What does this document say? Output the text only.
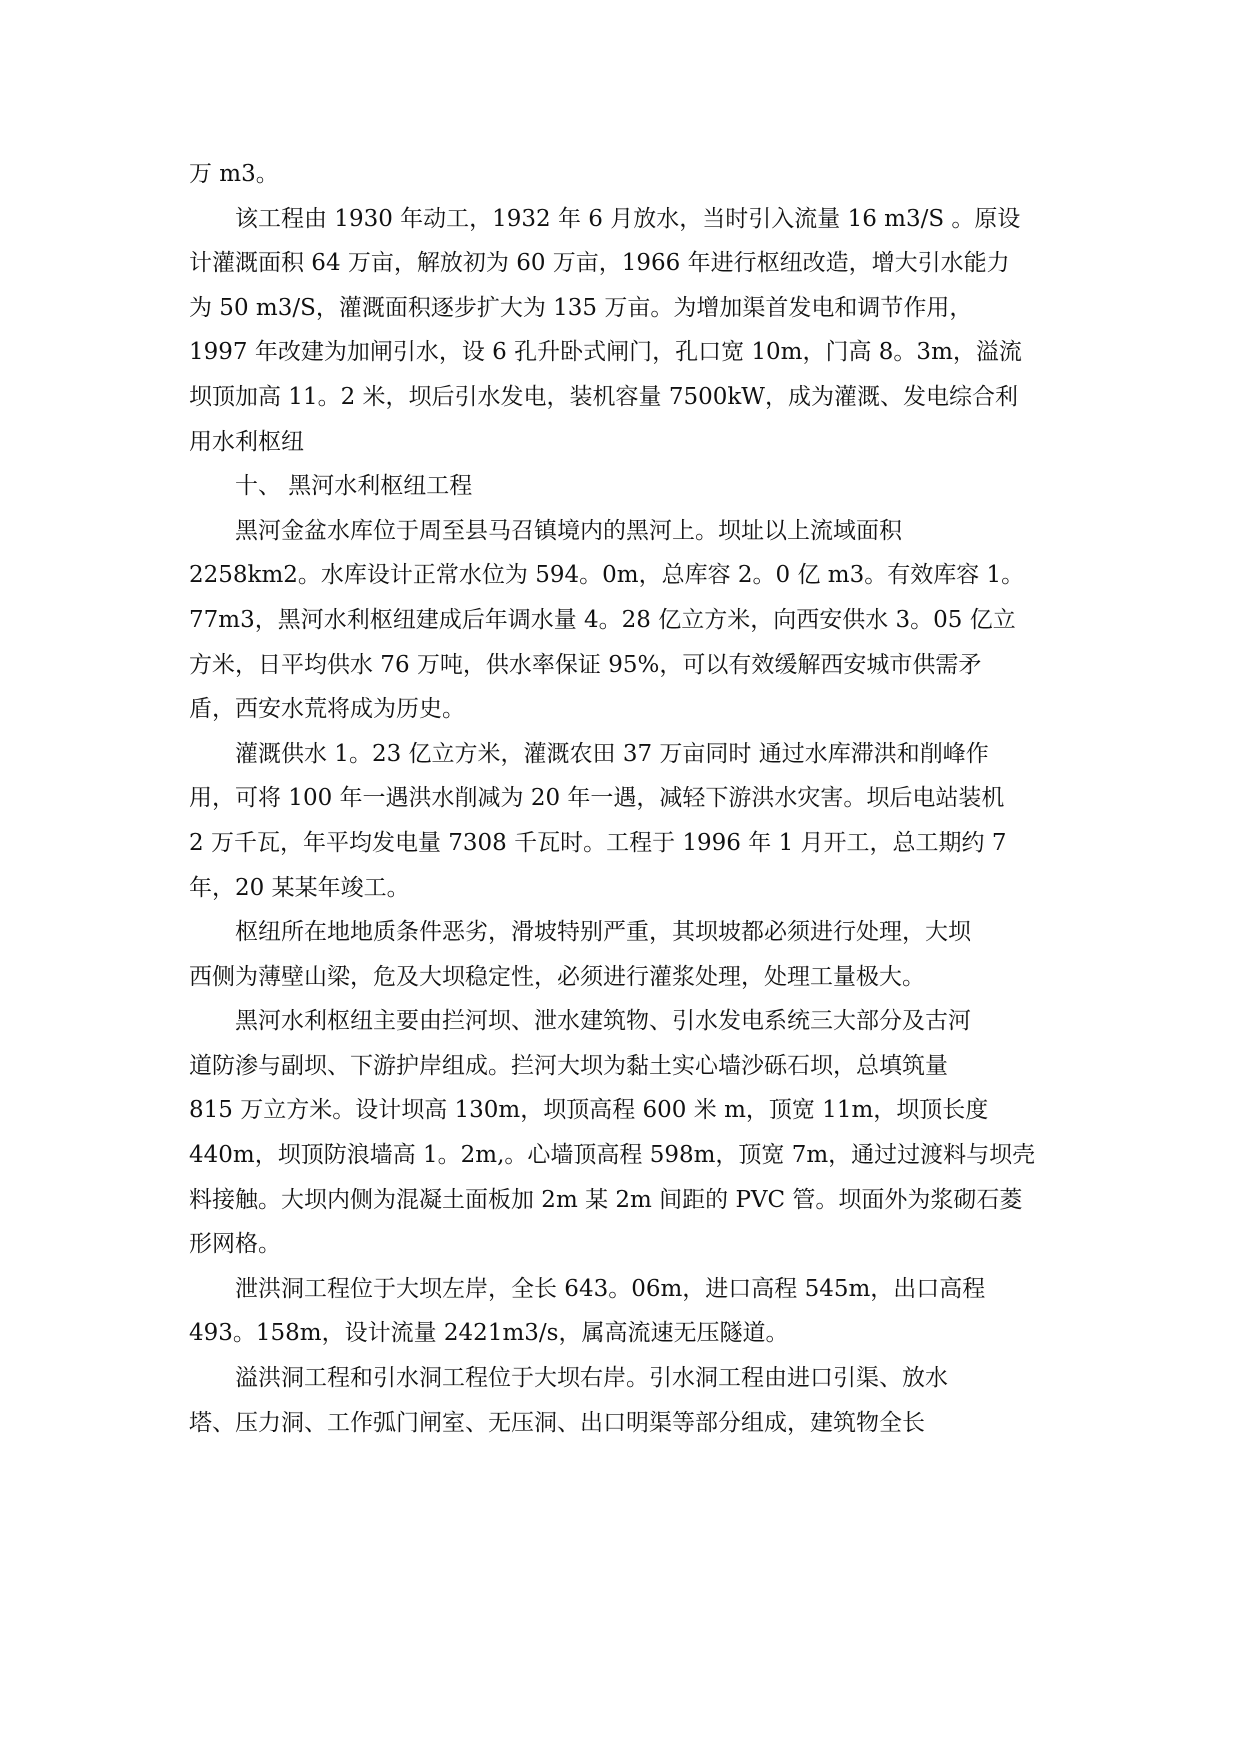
万 m3。

该工程由 1930 年动工，1932 年 6 月放水，当时引入流量 16 m3/S 。原设
计灌溉面积 64 万亩，解放初为 60 万亩，1966 年进行枢纽改造，增大引水能力
为 50 m3/S，灌溉面积逐步扩大为 135 万亩。为增加渠首发电和调节作用，
1997 年改建为加闸引水，设 6 孔升卧式闸门，孔口宽 10m，门高 8。3m，溢流
坝顶加高 11。2 米，坝后引水发电，装机容量 7500kW，成为灌溉、发电综合利
用水利枢纽

十、 黑河水利枢纽工程

黑河金盆水库位于周至县马召镇境内的黑河上。坝址以上流域面积
2258km2。水库设计正常水位为 594。0m，总库容 2。0 亿 m3。有效库容 1。
77m3，黑河水利枢纽建成后年调水量 4。28 亿立方米，向西安供水 3。05 亿立
方米，日平均供水 76 万吨，供水率保证 95%，可以有效缓解西安城市供需矛
盾，西安水荒将成为历史。

灌溉供水 1。23 亿立方米，灌溉农田 37 万亩同时 通过水库滞洪和削峰作
用，可将 100 年一遇洪水削减为 20 年一遇，减轻下游洪水灾害。坝后电站装机
2 万千瓦，年平均发电量 7308 千瓦时。工程于 1996 年 1 月开工，总工期约 7
年，20 某某年竣工。

枢纽所在地地质条件恶劣，滑坡特别严重，其坝坡都必须进行处理，大坝
西侧为薄壁山梁，危及大坝稳定性，必须进行灌浆处理，处理工量极大。

黑河水利枢纽主要由拦河坝、泄水建筑物、引水发电系统三大部分及古河
道防渗与副坝、下游护岸组成。拦河大坝为黏土实心墙沙砾石坝，总填筑量
815 万立方米。设计坝高 130m，坝顶高程 600 米 m，顶宽 11m，坝顶长度
440m，坝顶防浪墙高 1。2m,。心墙顶高程 598m，顶宽 7m，通过过渡料与坝壳
料接触。大坝内侧为混凝土面板加 2m 某 2m 间距的 PVC 管。坝面外为浆砌石菱
形网格。

泄洪洞工程位于大坝左岸，全长 643。06m，进口高程 545m，出口高程
493。158m，设计流量 2421m3/s，属高流速无压隧道。

溢洪洞工程和引水洞工程位于大坝右岸。引水洞工程由进口引渠、放水
塔、压力洞、工作弧门闸室、无压洞、出口明渠等部分组成，建筑物全长
